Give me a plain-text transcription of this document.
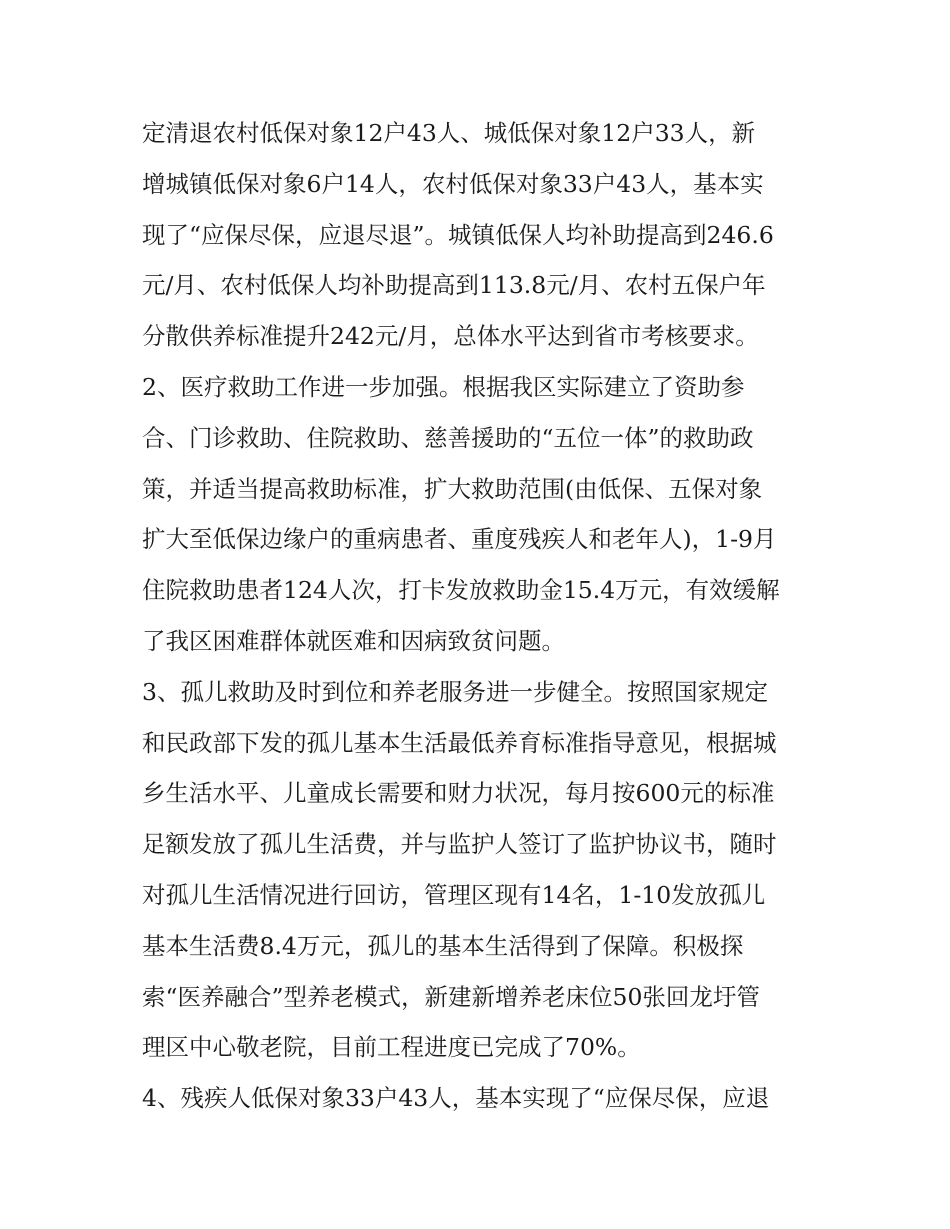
定清退农村低保对象12户43人、城低保对象12户33人，新
增城镇低保对象6户14人，农村低保对象33户43人，基本实
现了“应保尽保，应退尽退”。城镇低保人均补助提高到246.6
元/月、农村低保人均补助提高到113.8元/月、农村五保户年
分散供养标准提升242元/月，总体水平达到省市考核要求。
2、医疗救助工作进一步加强。根据我区实际建立了资助参
合、门诊救助、住院救助、慈善援助的“五位一体”的救助政
策，并适当提高救助标准，扩大救助范围(由低保、五保对象
扩大至低保边缘户的重病患者、重度残疾人和老年人)，1-9月
住院救助患者124人次，打卡发放救助金15.4万元，有效缓解
了我区困难群体就医难和因病致贫问题。
3、孤儿救助及时到位和养老服务进一步健全。按照国家规定
和民政部下发的孤儿基本生活最低养育标准指导意见，根据城
乡生活水平、儿童成长需要和财力状况，每月按600元的标准
足额发放了孤儿生活费，并与监护人签订了监护协议书，随时
对孤儿生活情况进行回访，管理区现有14名，1-10发放孤儿
基本生活费8.4万元，孤儿的基本生活得到了保障。积极探
索“医养融合”型养老模式，新建新增养老床位50张回龙圩管
理区中心敬老院，目前工程进度已完成了70%。
4、残疾人低保对象33户43人，基本实现了“应保尽保，应退
